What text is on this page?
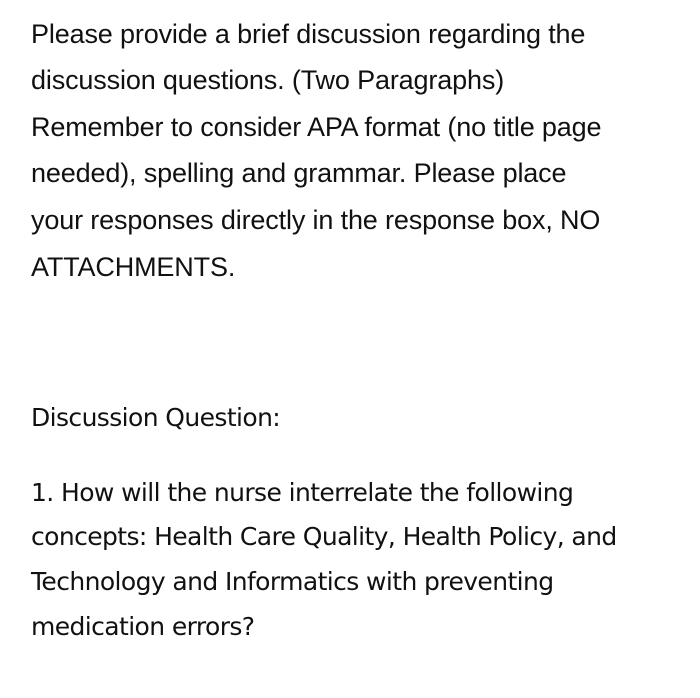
Please provide a brief discussion regarding the
discussion questions. (Two Paragraphs)
Remember to consider APA format (no title page
needed), spelling and grammar. Please place
your responses directly in the response box, NO
ATTACHMENTS.
Discussion Question:
1. How will the nurse interrelate the following
concepts: Health Care Quality, Health Policy, and
Technology and Informatics with preventing
medication errors?
